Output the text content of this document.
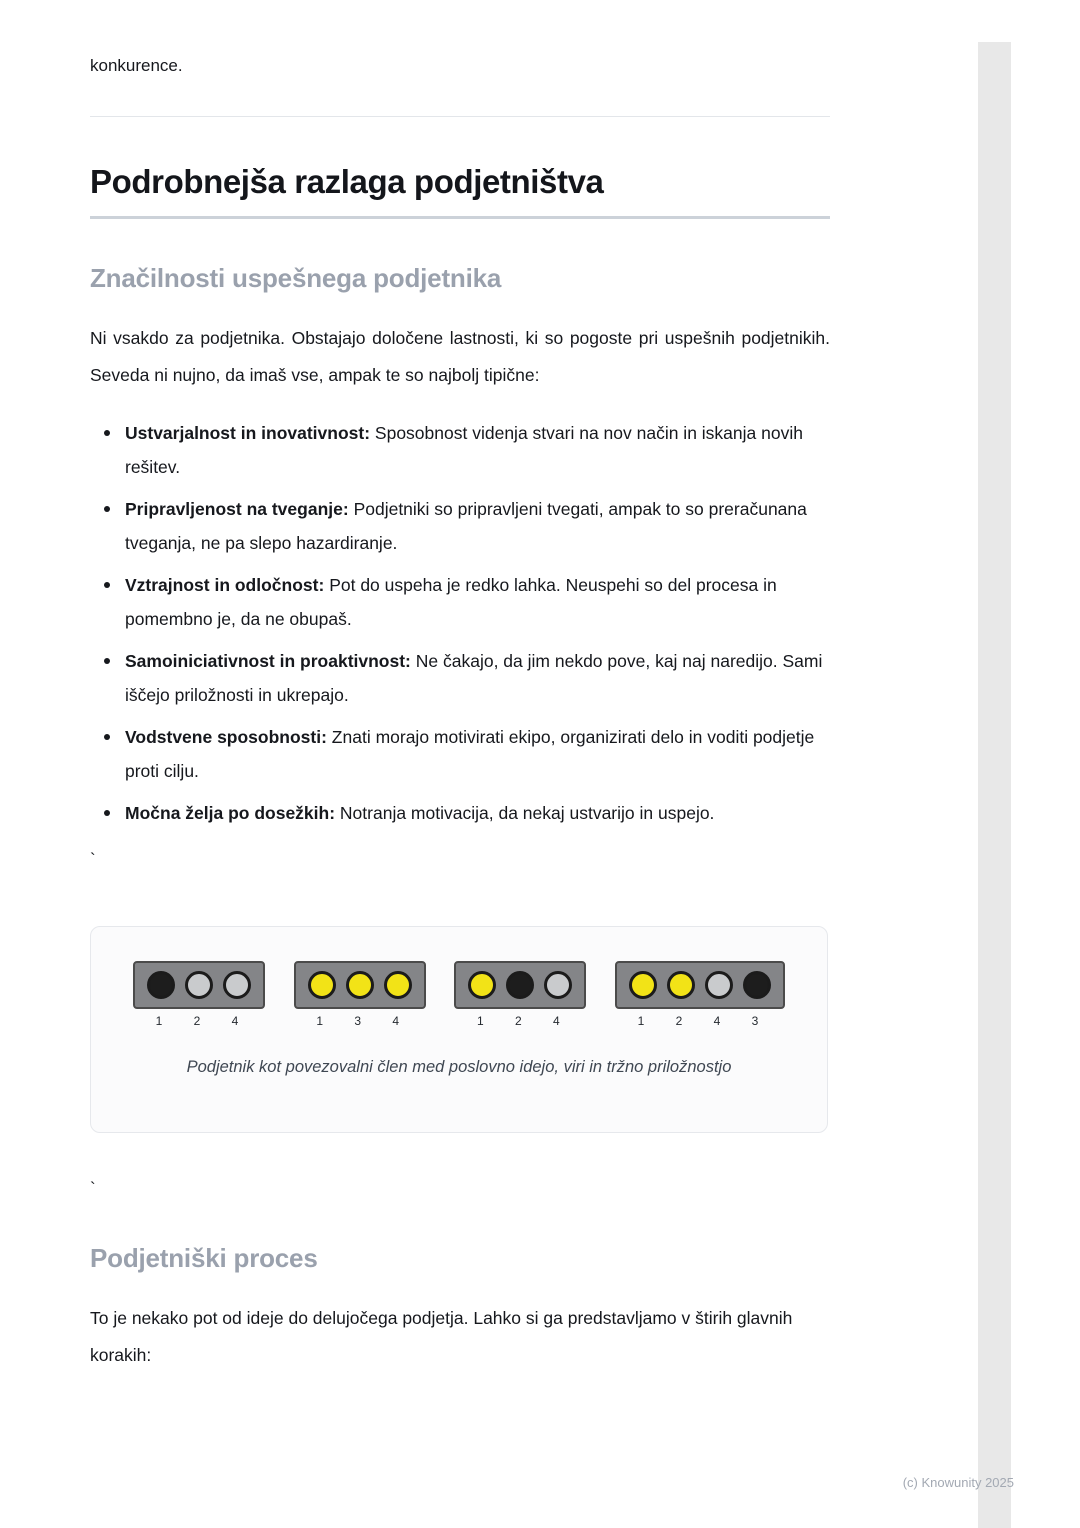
konkurence.

Podrobnejša razlaga podjetništva
Značilnosti uspešnega podjetnika

Ni vsakdo za podjetnika. Obstajajo določene lastnosti, ki so pogoste pri uspešnih podjetnikih. Seveda ni nujno, da imaš vse, ampak te so najbolj tipične:

Ustvarjalnost in inovativnost: Sposobnost videnja stvari na nov način in iskanja novih rešitev.
Pripravljenost na tveganje: Podjetniki so pripravljeni tvegati, ampak to so preračunana tveganja, ne pa slepo hazardiranje.
Vztrajnost in odločnost: Pot do uspeha je redko lahka. Neuspehi so del procesa in pomembno je, da ne obupaš.
Samoiniciativnost in proaktivnost: Ne čakajo, da jim nekdo pove, kaj naj naredijo. Sami iščejo priložnosti in ukrepajo.
Vodstvene sposobnosti: Znati morajo motivirati ekipo, organizirati delo in voditi podjetje proti cilju.
Močna želja po dosežkih: Notranja motivacija, da nekaj ustvarijo in uspejo.

`

1	2	4	1	3	4	1	2	4	1	2	4	3
Podjetnik kot povezovalni člen med poslovno idejo, viri in tržno priložnostjo

`

Podjetniški proces

To je nekako pot od ideje do delujočega podjetja. Lahko si ga predstavljamo v štirih glavnih korakih:

(c) Knowunity 2025
